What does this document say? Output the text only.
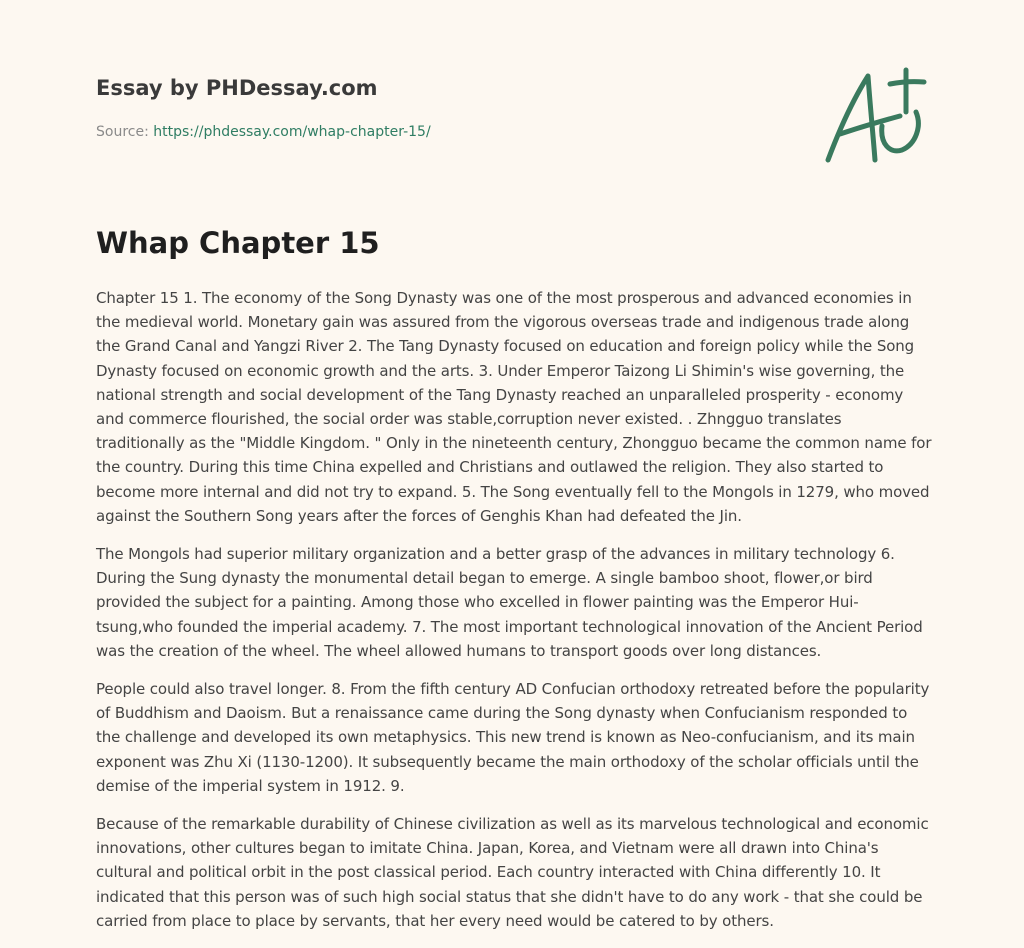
Essay by PHDessay.com

Source: https://phdessay.com/whap-chapter-15/

Whap Chapter 15

Chapter 15 1. The economy of the Song Dynasty was one of the most prosperous and advanced economies in the medieval world. Monetary gain was assured from the vigorous overseas trade and indigenous trade along the Grand Canal and Yangzi River 2. The Tang Dynasty focused on education and foreign policy while the Song Dynasty focused on economic growth and the arts. 3. Under Emperor Taizong Li Shimin's wise governing, the national strength and social development of the Tang Dynasty reached an unparalleled prosperity - economy and commerce flourished, the social order was stable,corruption never existed. . Zhngguo translates traditionally as the "Middle Kingdom. " Only in the nineteenth century, Zhongguo became the common name for the country. During this time China expelled and Christians and outlawed the religion. They also started to become more internal and did not try to expand. 5. The Song eventually fell to the Mongols in 1279, who moved against the Southern Song years after the forces of Genghis Khan had defeated the Jin.

The Mongols had superior military organization and a better grasp of the advances in military technology 6. During the Sung dynasty the monumental detail began to emerge. A single bamboo shoot, flower,or bird provided the subject for a painting. Among those who excelled in flower painting was the Emperor Hui-tsung,who founded the imperial academy. 7. The most important technological innovation of the Ancient Period was the creation of the wheel. The wheel allowed humans to transport goods over long distances.

People could also travel longer. 8. From the fifth century AD Confucian orthodoxy retreated before the popularity of Buddhism and Daoism. But a renaissance came during the Song dynasty when Confucianism responded to the challenge and developed its own metaphysics. This new trend is known as Neo-confucianism, and its main exponent was Zhu Xi (1130-1200). It subsequently became the main orthodoxy of the scholar officials until the demise of the imperial system in 1912. 9.

Because of the remarkable durability of Chinese civilization as well as its marvelous technological and economic innovations, other cultures began to imitate China. Japan, Korea, and Vietnam were all drawn into China's cultural and political orbit in the post classical period. Each country interacted with China differently 10. It indicated that this person was of such high social status that she didn't have to do any work - that she could be carried from place to place by servants, that her every need would be catered to by others.
